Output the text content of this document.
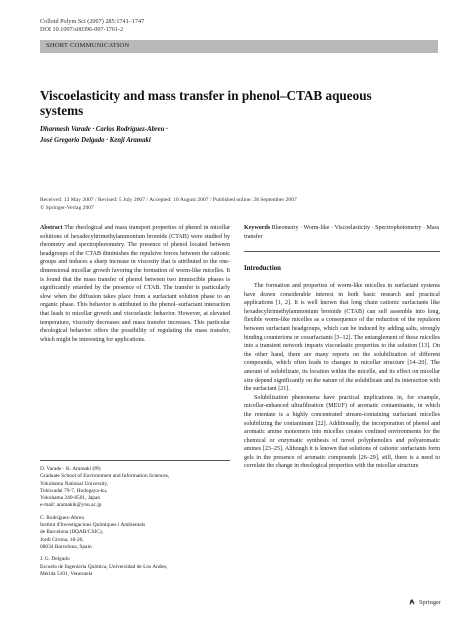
Colloid Polym Sci (2007) 285:1741–1747
DOI 10.1007/s00396-007-1761-2
SHORT COMMUNICATION
Viscoelasticity and mass transfer in phenol–CTAB aqueous systems
Dharmesh Varade · Carlos Rodríguez-Abreu ·
José Gregorio Delgado · Kenji Aramaki
Received: 13 May 2007 / Revised: 5 July 2007 / Accepted: 10 August 2007 / Published online: 28 September 2007
© Springer-Verlag 2007

Abstract The rheological and mass transport properties of phenol in micellar solutions of hexadecyltrimethylammonium bromide (CTAB) were studied by rheometry and spectrophotometry. The presence of phenol located between headgroups of the CTAB diminishes the repulsive forces between the cationic groups and induces a sharp increase in viscosity that is attributed to the one-dimensional micellar growth favoring the formation of worm-like micelles. It is found that the mass transfer of phenol between two immiscible phases is significantly retarded by the presence of CTAB. The transfer is particularly slow when the diffusion takes place from a surfactant solution phase to an organic phase. This behavior is attributed to the phenol–surfactant interaction that leads to micellar growth and viscoelastic behavior. However, at elevated temperature, viscosity decreases and mass transfer increases. This particular rheological behavior offers the possibility of regulating the mass transfer, which might be interesting for applications.

Keywords Rheometry · Worm-like · Viscoelasticity · Spectrophotometry · Mass transfer

Introduction

The formation and properties of worm-like micelles in surfactant systems have drawn considerable interest in both basic research and practical applications [1, 2]. It is well known that long chain cationic surfactants like hexadecyltrimethylammonium bromide (CTAB) can self assemble into long, flexible worm-like micelles as a consequence of the reduction of the repulsion between surfactant headgroups, which can be induced by adding salts, strongly binding counterions or cosurfactants [3–12]. The entanglement of these micelles into a transient network imparts viscoelastic properties to the solution [13]. On the other hand, there are many reports on the solubilization of different compounds, which often leads to changes in micellar structure [14–20]. The amount of solubilizate, its location within the micelle, and its effect on micellar size depend significantly on the nature of the solubilizate and its interaction with the surfactant [21].

Solubilization phenomena have practical implications in, for example, micellar-enhanced ultrafiltration (MEUF) of aromatic contaminants, in which the retentate is a highly concentrated stream-containing surfactant micelles solubilizing the contaminant [22]. Additionally, the incorporation of phenol and aromatic amine monomers into micelles creates confined environments for the chemical or enzymatic synthesis of novel polyphenolics and polyaromatic amines [23–25]. Although it is known that solutions of cationic surfactants form gels in the presence of aromatic compounds [26–29], still, there is a need to correlate the change in rheological properties with the micellar structure

D. Varade · K. Aramaki (✉)

Graduate School of Environment and Information Sciences,

Yokohama National University,

Tokiwadai 79-7, Hodogaya-ku,

Yokohama 240-8501, Japan

e-mail: aramakik@ynu.ac.jp

C. Rodríguez-Abreu

Institut d'Investigacions Químiques i Ambientals

de Barcelona (IIQAB/CSIC),

Jordi Girona, 18-26,

08034 Barcelona, Spain

J. G. Delgado

Escuela de Ingeniería Química, Universidad de Los Andes,

Mérida 5101, Venezuela

Springer
